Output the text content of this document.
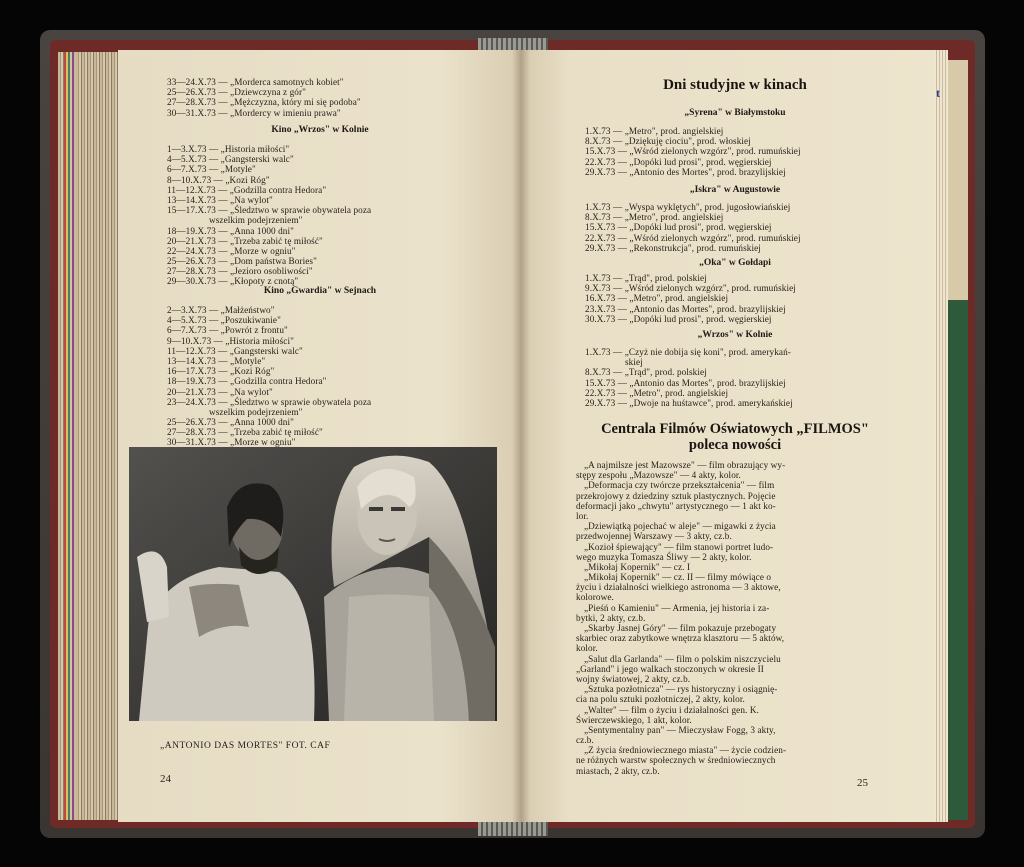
t
33—24.X.73 — „Morderca samotnych kobiet"
25—26.X.73 — „Dziewczyna z gór"
27—28.X.73 — „Mężczyzna, który mi się podoba"
30—31.X.73 — „Mordercy w imieniu prawa"
Kino „Wrzos" w Kolnie
1—3.X.73 — „Historia miłości"
4—5.X.73 — „Gangsterski walc"
6—7.X.73 — „Motyle"
8—10.X.73 — „Kozi Róg"
11—12.X.73 — „Godzilla contra Hedora"
13—14.X.73 — „Na wylot"
15—17.X.73 — „Śledztwo w sprawie obywatela poza
wszelkim podejrzeniem"
18—19.X.73 — „Anna 1000 dni"
20—21.X.73 — „Trzeba zabić tę miłość"
22—24.X.73 — „Morze w ogniu"
25—26.X.73 — „Dom państwa Bories"
27—28.X.73 — „Jezioro osobliwości"
29—30.X.73 — „Kłopoty z cnotą"
Kino „Gwardia" w Sejnach
2—3.X.73 — „Małżeństwo"
4—5.X.73 — „Poszukiwanie"
6—7.X.73 — „Powrót z frontu"
9—10.X.73 — „Historia miłości"
11—12.X.73 — „Gangsterski walc"
13—14.X.73 — „Motyle"
16—17.X.73 — „Kozi Róg"
18—19.X.73 — „Godzilla contra Hedora"
20—21.X.73 — „Na wylot"
23—24.X.73 — „Śledztwo w sprawie obywatela poza
wszelkim podejrzeniem"
25—26.X.73 — „Anna 1000 dni"
27—28.X.73 — „Trzeba zabić tę miłość"
30—31.X.73 — „Morze w ogniu"
„ANTONIO DAS MORTES" FOT. CAF
24
Dni studyjne w kinach
„Syrena" w Białymstoku
1.X.73 — „Metro", prod. angielskiej
8.X.73 — „Dziękuję ciociu", prod. włoskiej
15.X.73 — „Wśród zielonych wzgórz", prod. rumuńskiej
22.X.73 — „Dopóki lud prosi", prod. węgierskiej
29.X.73 — „Antonio des Mortes", prod. brazylijskiej
„Iskra" w Augustowie
1.X.73 — „Wyspa wyklętych", prod. jugosłowiańskiej
8.X.73 — „Metro", prod. angielskiej
15.X.73 — „Dopóki lud prosi", prod. węgierskiej
22.X.73 — „Wśród zielonych wzgórz", prod. rumuńskiej
29.X.73 — „Rekonstrukcja", prod. rumuńskiej
„Oka" w Gołdapi
1.X.73 — „Trąd", prod. polskiej
9.X.73 — „Wśród zielonych wzgórz", prod. rumuńskiej
16.X.73 — „Metro", prod. angielskiej
23.X.73 — „Antonio das Mortes", prod. brazylijskiej
30.X.73 — „Dopóki lud prosi", prod. węgierskiej
„Wrzos" w Kolnie
1.X.73 — „Czyż nie dobija się koni", prod. amerykań-
skiej
8.X.73 — „Trąd", prod. polskiej
15.X.73 — „Antonio das Mortes", prod. brazylijskiej
22.X.73 — „Metro", prod. angielskiej
29.X.73 — „Dwoje na huśtawce", prod. amerykańskiej
Centrala Filmów Oświatowych „FILMOS"
poleca nowości
„A najmilsze jest Mazowsze" — film obrazujący wy-
stępy zespołu „Mazowsze" — 4 akty, kolor.
„Deformacja czy twórcze przekształcenia" — film
przekrojowy z dziedziny sztuk plastycznych. Pojęcie
deformacji jako „chwytu" artystycznego — 1 akt ko-
lor.
„Dziewiątką pojechać w aleje" — migawki z życia
przedwojennej Warszawy — 3 akty, cz.b.
„Kozioł śpiewający" — film stanowi portret ludo-
wego muzyka Tomasza Śliwy — 2 akty, kolor.
„Mikołaj Kopernik" — cz. I
„Mikołaj Kopernik" — cz. II — filmy mówiące o
życiu i działalności wielkiego astronoma — 3 aktowe,
kolorowe.
„Pieśń o Kamieniu" — Armenia, jej historia i za-
bytki, 2 akty, cz.b.
„Skarby Jasnej Góry" — film pokazuje przebogaty
skarbiec oraz zabytkowe wnętrza klasztoru — 5 aktów,
kolor.
„Salut dla Garlanda" — film o polskim niszczycielu
„Garland" i jego walkach stoczonych w okresie II
wojny światowej, 2 akty, cz.b.
„Sztuka pozłotnicza" — rys historyczny i osiągnię-
cia na polu sztuki pozłotniczej, 2 akty, kolor.
„Walter" — film o życiu i działalności gen. K.
Świerczewskiego, 1 akt, kolor.
„Sentymentalny pan" — Mieczysław Fogg, 3 akty,
cz.b.
„Z życia średniowiecznego miasta" — życie codzien-
ne różnych warstw społecznych w średniowiecznych
miastach, 2 akty, cz.b.
25
